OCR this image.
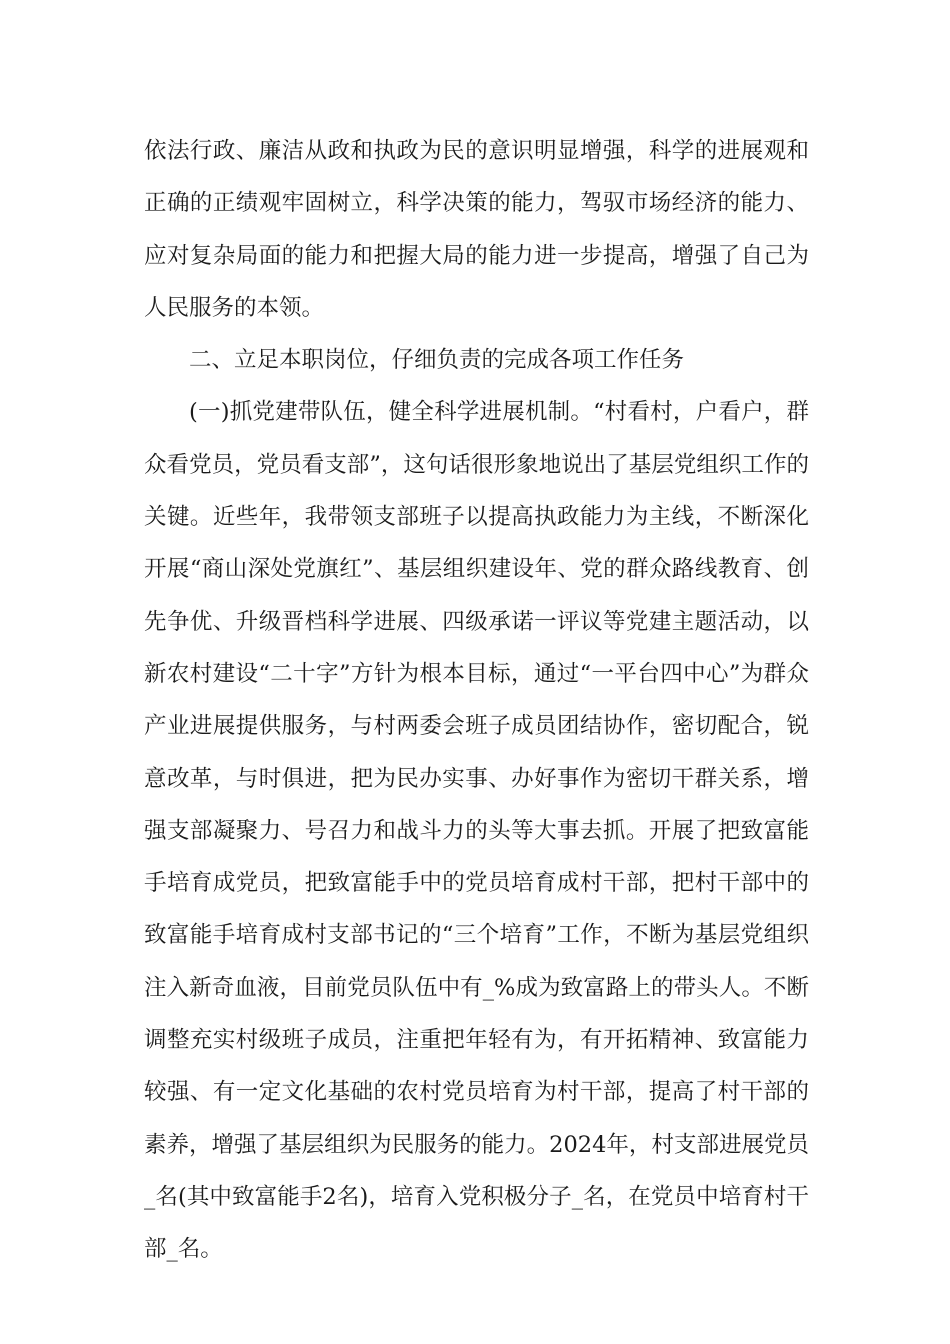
依法行政、廉洁从政和执政为民的意识明显增强，科学的进展观和正确的正绩观牢固树立，科学决策的能力，驾驭市场经济的能力、应对复杂局面的能力和把握大局的能力进一步提高，增强了自己为人民服务的本领。

二、立足本职岗位，仔细负责的完成各项工作任务

(一)抓党建带队伍，健全科学进展机制。“村看村，户看户，群众看党员，党员看支部”，这句话很形象地说出了基层党组织工作的关键。近些年，我带领支部班子以提高执政能力为主线，不断深化开展“商山深处党旗红”、基层组织建设年、党的群众路线教育、创先争优、升级晋档科学进展、四级承诺一评议等党建主题活动，以新农村建设“二十字”方针为根本目标，通过“一平台四中心”为群众产业进展提供服务，与村两委会班子成员团结协作，密切配合，锐意改革，与时俱进，把为民办实事、办好事作为密切干群关系，增强支部凝聚力、号召力和战斗力的头等大事去抓。开展了把致富能手培育成党员，把致富能手中的党员培育成村干部，把村干部中的致富能手培育成村支部书记的“三个培育”工作，不断为基层党组织注入新奇血液，目前党员队伍中有_%成为致富路上的带头人。不断调整充实村级班子成员，注重把年轻有为，有开拓精神、致富能力较强、有一定文化基础的农村党员培育为村干部，提高了村干部的素养，增强了基层组织为民服务的能力。2024年，村支部进展党员_名(其中致富能手2名)，培育入党积极分子_名，在党员中培育村干部_名。
